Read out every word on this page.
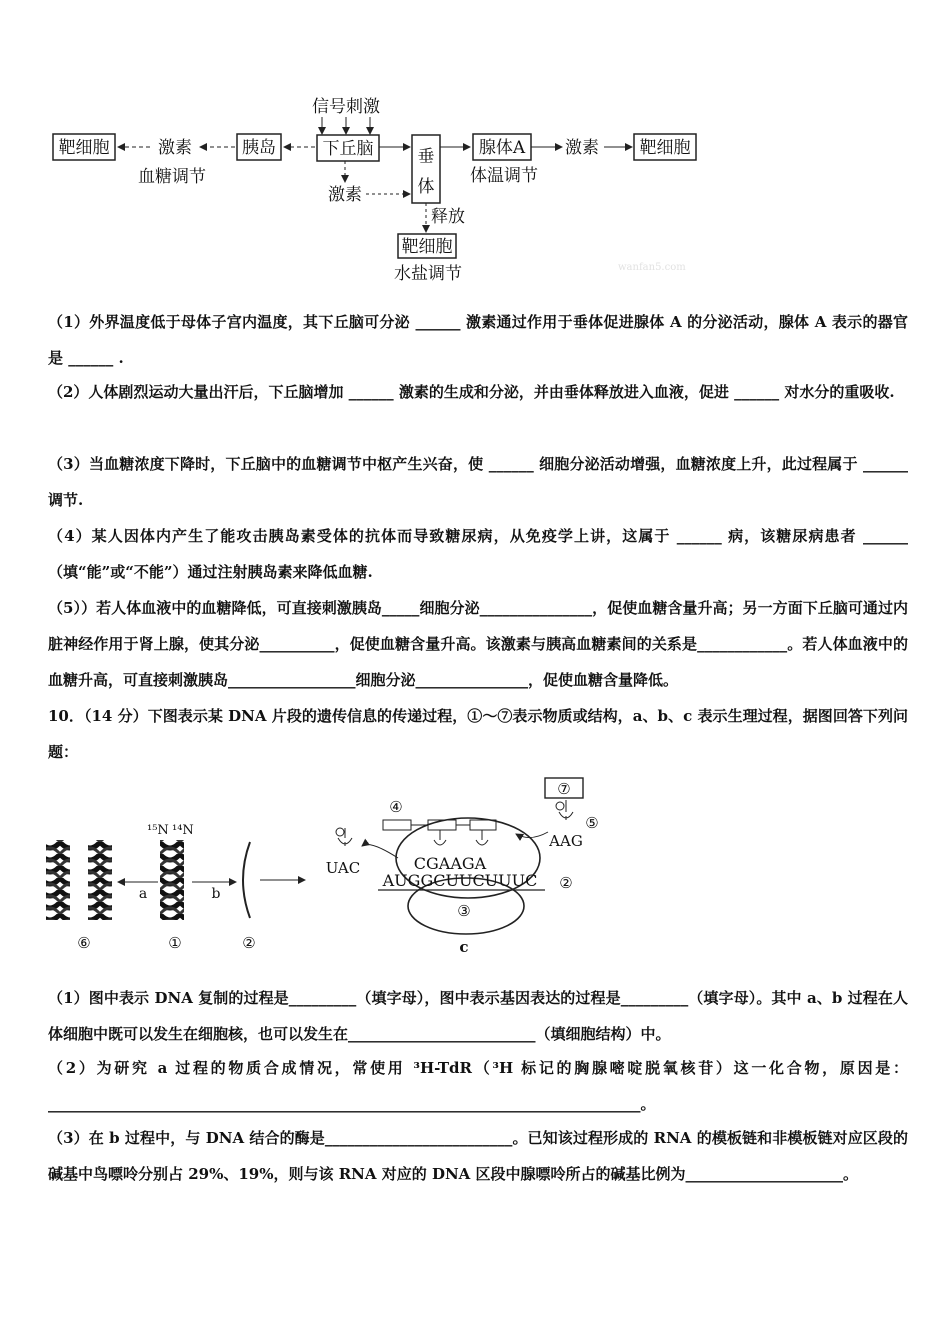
靶细胞	激素
血糖调节
胰岛
信号刺激
下丘脑
激素
垂
体
腺体A
体温调节
激素 靶细胞
释放
靶细胞
水盐调节	wanfan5.com

（1）外界温度低于母体子宫内温度，其下丘脑可分泌 ______ 激素通过作用于垂体促进腺体 A 的分泌活动，腺体 A 表示的器官是 ______ .

（2）人体剧烈运动大量出汗后，下丘脑增加 ______ 激素的生成和分泌，并由垂体释放进入血液，促进 ______ 对水分的重吸收.

（3）当血糖浓度下降时，下丘脑中的血糖调节中枢产生兴奋，使 ______ 细胞分泌活动增强，血糖浓度上升，此过程属于 ______ 调节.

（4）某人因体内产生了能攻击胰岛素受体的抗体而导致糖尿病，从免疫学上讲，这属于 ______ 病，该糖尿病患者 ______（填“能”或“不能”）通过注射胰岛素来降低血糖.

（5））若人体血液中的血糖降低，可直接刺激胰岛_____细胞分泌_______________，促使血糖含量升高；另一方面下丘脑可通过内脏神经作用于肾上腺，使其分泌__________，促使血糖含量升高。该激素与胰高血糖素间的关系是____________。若人体血液中的血糖升高，可直接刺激胰岛_________________细胞分泌_______________，促使血糖含量降低。

10．（14 分）下图表示某 DNA 片段的遗传信息的传递过程，①～⑦表示物质或结构，a、b、c 表示生理过程，据图回答下列问题：

⑥
a
¹⁵N ¹⁴N
①
b
②
③
AUGGCUUCUUUC ②
CGAAGA
④
UAC
⑦
⑤
AAG
c

（1）图中表示 DNA 复制的过程是_________（填字母），图中表示基因表达的过程是_________（填字母）。其中 a、b 过程在人体细胞中既可以发生在细胞核，也可以发生在_________________________（填细胞结构）中。

（2）为研究 a 过程的物质合成情况，常使用 ³H-TdR（³H 标记的胸腺嘧啶脱氧核苷）这一化合物，原因是：_______________________________________________________________________________。

（3）在 b 过程中，与 DNA 结合的酶是_________________________。已知该过程形成的 RNA 的模板链和非模板链对应区段的碱基中鸟嘌呤分别占 29%、19%，则与该 RNA 对应的 DNA 区段中腺嘌呤所占的碱基比例为_____________________。
